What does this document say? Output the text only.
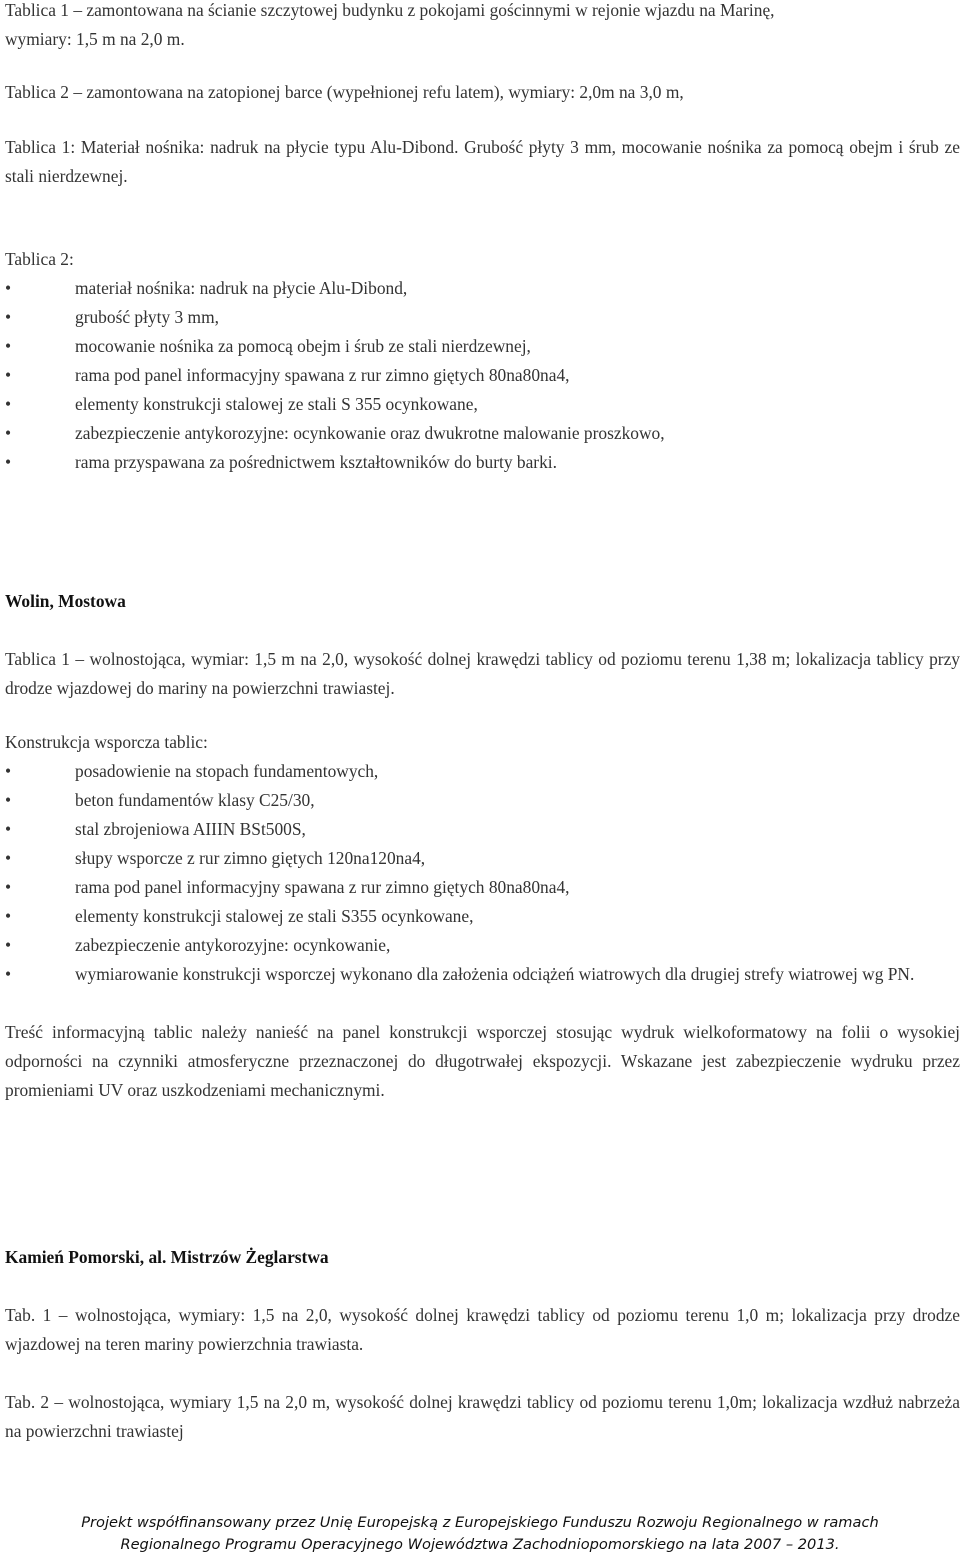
Tablica 1 – zamontowana na ścianie szczytowej budynku z pokojami gościnnymi w rejonie wjazdu na Marinę,

wymiary: 1,5 m na 2,0 m.

Tablica 2 – zamontowana na zatopionej barce (wypełnionej refu latem), wymiary: 2,0m na 3,0 m,

Tablica 1: Materiał nośnika: nadruk na płycie typu Alu-Dibond. Grubość płyty 3 mm, mocowanie nośnika za pomocą obejm i śrub ze stali nierdzewnej.

Tablica 2:

•	materiał nośnika: nadruk na płycie Alu-Dibond,
•	grubość płyty 3 mm,
•	mocowanie nośnika za pomocą obejm i śrub ze stali nierdzewnej,
•	rama pod panel informacyjny spawana z rur zimno giętych 80na80na4,
•	elementy konstrukcji stalowej ze stali S 355 ocynkowane,
•	zabezpieczenie antykorozyjne: ocynkowanie oraz dwukrotne malowanie proszkowo,
•	rama przyspawana za pośrednictwem kształtowników do burty barki.

Wolin, Mostowa

Tablica 1 – wolnostojąca, wymiar: 1,5 m na 2,0, wysokość dolnej krawędzi tablicy od poziomu terenu 1,38 m; lokalizacja tablicy przy drodze wjazdowej do mariny na powierzchni trawiastej.

Konstrukcja wsporcza tablic:

•	posadowienie na stopach fundamentowych,
•	beton fundamentów klasy C25/30,
•	stal zbrojeniowa AIIIN BSt500S,
•	słupy wsporcze z rur zimno giętych 120na120na4,
•	rama pod panel informacyjny spawana z rur zimno giętych 80na80na4,
•	elementy konstrukcji stalowej ze stali S355 ocynkowane,
•	zabezpieczenie antykorozyjne: ocynkowanie,
•	wymiarowanie konstrukcji wsporczej wykonano dla założenia odciążeń wiatrowych dla drugiej strefy wiatrowej wg PN.

Treść informacyjną tablic należy nanieść na panel konstrukcji wsporczej stosując wydruk wielkoformatowy na folii o wysokiej odporności na czynniki atmosferyczne przeznaczonej do długotrwałej ekspozycji. Wskazane jest zabezpieczenie wydruku przez promieniami UV oraz uszkodzeniami mechanicznymi.

Kamień Pomorski, al. Mistrzów Żeglarstwa

Tab. 1 – wolnostojąca, wymiary: 1,5 na 2,0, wysokość dolnej krawędzi tablicy od poziomu terenu 1,0 m; lokalizacja przy drodze wjazdowej na teren mariny powierzchnia trawiasta.

Tab. 2 – wolnostojąca, wymiary 1,5 na 2,0 m, wysokość dolnej krawędzi tablicy od poziomu terenu 1,0m; lokalizacja wzdłuż nabrzeża na powierzchni trawiastej

Projekt współfinansowany przez Unię Europejską z Europejskiego Funduszu Rozwoju Regionalnego w ramach
Regionalnego Programu Operacyjnego Województwa Zachodniopomorskiego na lata 2007 – 2013.
